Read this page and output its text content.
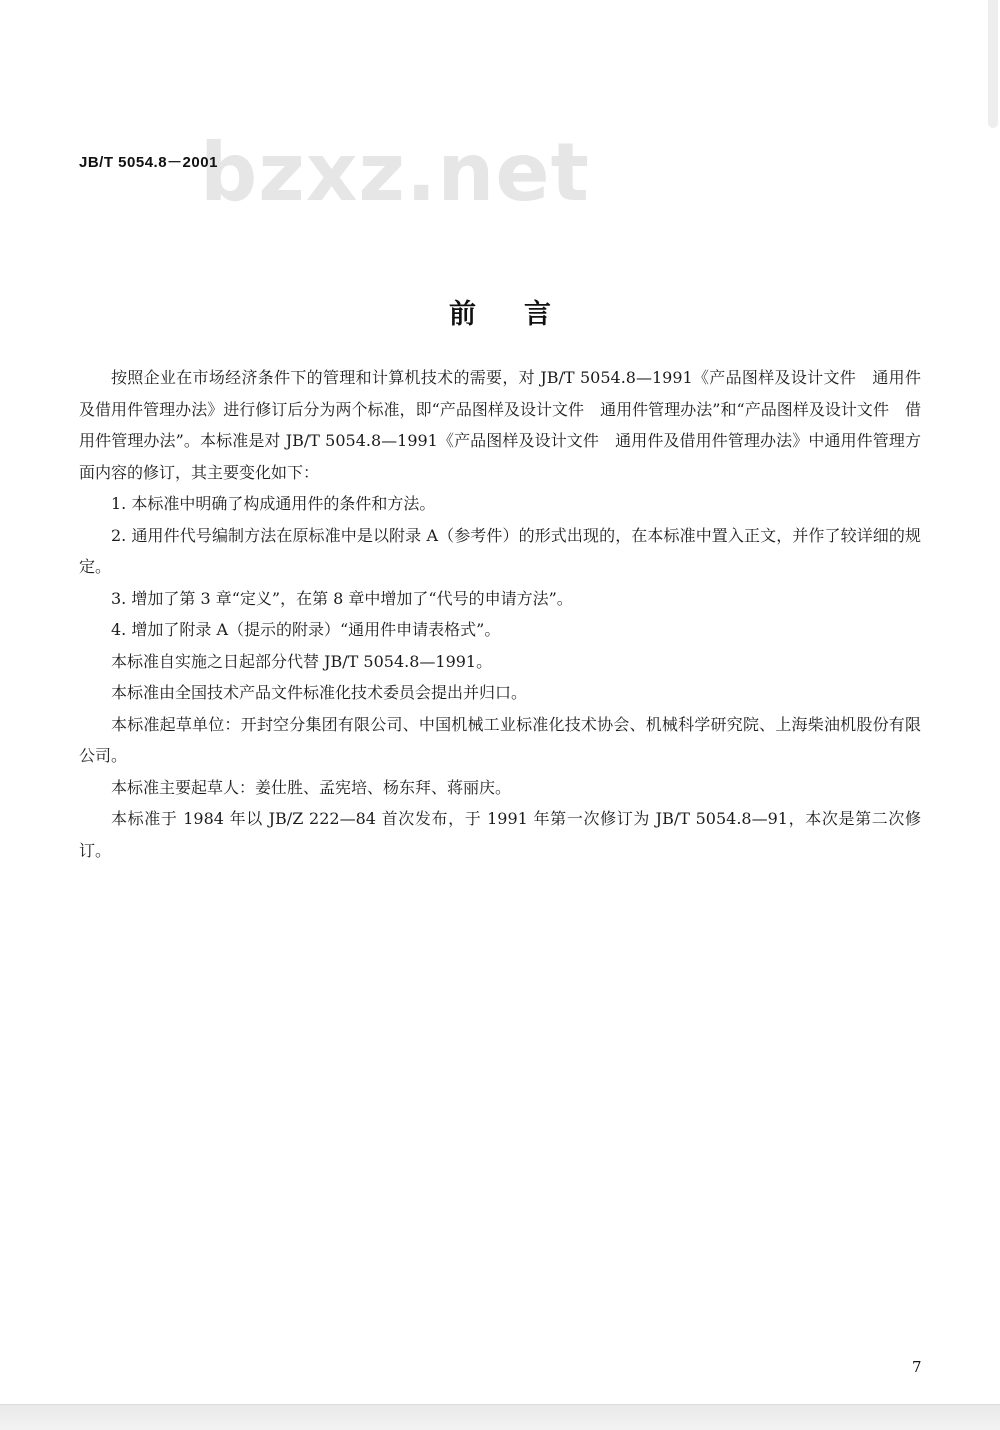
bzxz.net
JB/T 5054.8－2001
前言

按照企业在市场经济条件下的管理和计算机技术的需要，对 JB/T 5054.8—1991《产品图样及设计文件　通用件及借用件管理办法》进行修订后分为两个标准，即“产品图样及设计文件　通用件管理办法”和“产品图样及设计文件　借用件管理办法”。本标准是对 JB/T 5054.8—1991《产品图样及设计文件　通用件及借用件管理办法》中通用件管理方面内容的修订，其主要变化如下：

1. 本标准中明确了构成通用件的条件和方法。

2. 通用件代号编制方法在原标准中是以附录 A（参考件）的形式出现的，在本标准中置入正文，并作了较详细的规定。

3. 增加了第 3 章“定义”，在第 8 章中增加了“代号的申请方法”。

4. 增加了附录 A（提示的附录）“通用件申请表格式”。

本标准自实施之日起部分代替 JB/T 5054.8—1991。

本标准由全国技术产品文件标准化技术委员会提出并归口。

本标准起草单位：开封空分集团有限公司、中国机械工业标准化技术协会、机械科学研究院、上海柴油机股份有限公司。

本标准主要起草人：姜仕胜、孟宪培、杨东拜、蒋丽庆。

本标准于 1984 年以 JB/Z 222—84 首次发布，于 1991 年第一次修订为 JB/T 5054.8—91，本次是第二次修订。

7
